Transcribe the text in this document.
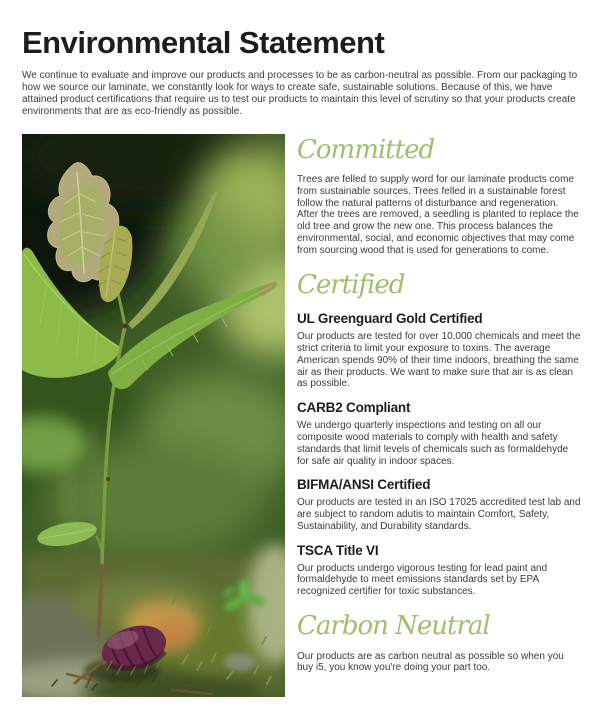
Environmental Statement

We continue to evaluate and improve our products and processes to be as carbon-neutral as possible. From our packaging to how we source our laminate, we constantly look for ways to create safe, sustainable solutions. Because of this, we have attained product certifications that require us to test our products to maintain this level of scrutiny so that your products create environments that are as eco-friendly as possible.

Committed

Trees are felled to supply word for our laminate products come from sustainable sources. Trees felled in a sustainable forest follow the natural patterns of disturbance and regeneration. After the trees are removed, a seedling is planted to replace the old tree and grow the new one. This process balances the environmental, social, and economic objectives that may come from sourcing wood that is used for generations to come.

Certified
UL Greenguard Gold Certified

Our products are tested for over 10,000 chemicals and meet the strict criteria to limit your exposure to toxins. The average American spends 90% of their time indoors, breathing the same air as their products. We want to make sure that air is as clean as possible.

CARB2 Compliant

We undergo quarterly inspections and testing on all our composite wood materials to comply with health and safety standards that limit levels of chemicals such as formaldehyde for safe air quality in indoor spaces.

BIFMA/ANSI Certified

Our products are tested in an ISO 17025 accredited test lab and are subject to random adutis to maintain Comfort, Safety, Sustainability, and Durability standards.

TSCA Title VI

Our products undergo vigorous testing for lead paint and formaldehyde to meet emissions standards set by EPA recognized certifier for toxic substances.

Carbon Neutral

Our products are as carbon neutral as possible so when you buy i5, you know you're doing your part too.
